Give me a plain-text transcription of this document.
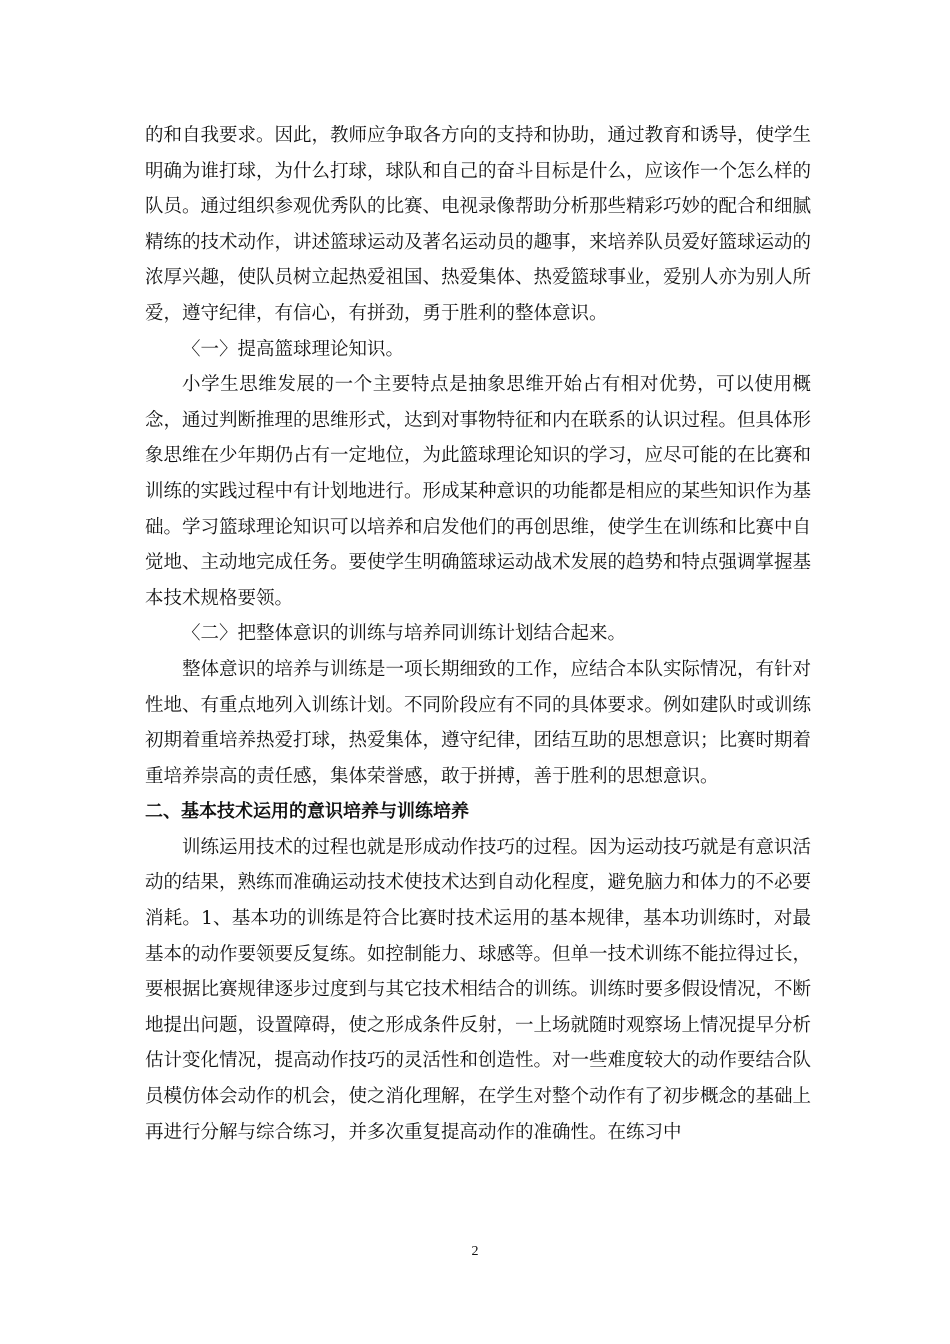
的和自我要求。因此，教师应争取各方向的支持和协助，通过教育和诱导，使学生明确为谁打球，为什么打球，球队和自己的奋斗目标是什么，应该作一个怎么样的队员。通过组织参观优秀队的比赛、电视录像帮助分析那些精彩巧妙的配合和细腻精练的技术动作，讲述篮球运动及著名运动员的趣事，来培养队员爱好篮球运动的浓厚兴趣，使队员树立起热爱祖国、热爱集体、热爱篮球事业，爱别人亦为别人所爱，遵守纪律，有信心，有拼劲，勇于胜利的整体意识。

〈一〉提高篮球理论知识。

小学生思维发展的一个主要特点是抽象思维开始占有相对优势，可以使用概念，通过判断推理的思维形式，达到对事物特征和内在联系的认识过程。但具体形象思维在少年期仍占有一定地位，为此篮球理论知识的学习，应尽可能的在比赛和训练的实践过程中有计划地进行。形成某种意识的功能都是相应的某些知识作为基础。学习篮球理论知识可以培养和启发他们的再创思维，使学生在训练和比赛中自觉地、主动地完成任务。要使学生明确篮球运动战术发展的趋势和特点强调掌握基本技术规格要领。

〈二〉把整体意识的训练与培养同训练计划结合起来。

整体意识的培养与训练是一项长期细致的工作，应结合本队实际情况，有针对性地、有重点地列入训练计划。不同阶段应有不同的具体要求。例如建队时或训练初期着重培养热爱打球，热爱集体，遵守纪律，团结互助的思想意识；比赛时期着重培养崇高的责任感，集体荣誉感，敢于拼搏，善于胜利的思想意识。

二、基本技术运用的意识培养与训练培养

训练运用技术的过程也就是形成动作技巧的过程。因为运动技巧就是有意识活动的结果，熟练而准确运动技术使技术达到自动化程度，避免脑力和体力的不必要消耗。1、基本功的训练是符合比赛时技术运用的基本规律，基本功训练时，对最基本的动作要领要反复练。如控制能力、球感等。但单一技术训练不能拉得过长，要根据比赛规律逐步过度到与其它技术相结合的训练。训练时要多假设情况，不断地提出问题，设置障碍，使之形成条件反射，一上场就随时观察场上情况提早分析估计变化情况，提高动作技巧的灵活性和创造性。对一些难度较大的动作要结合队员模仿体会动作的机会，使之消化理解，在学生对整个动作有了初步概念的基础上再进行分解与综合练习，并多次重复提高动作的准确性。在练习中

2
